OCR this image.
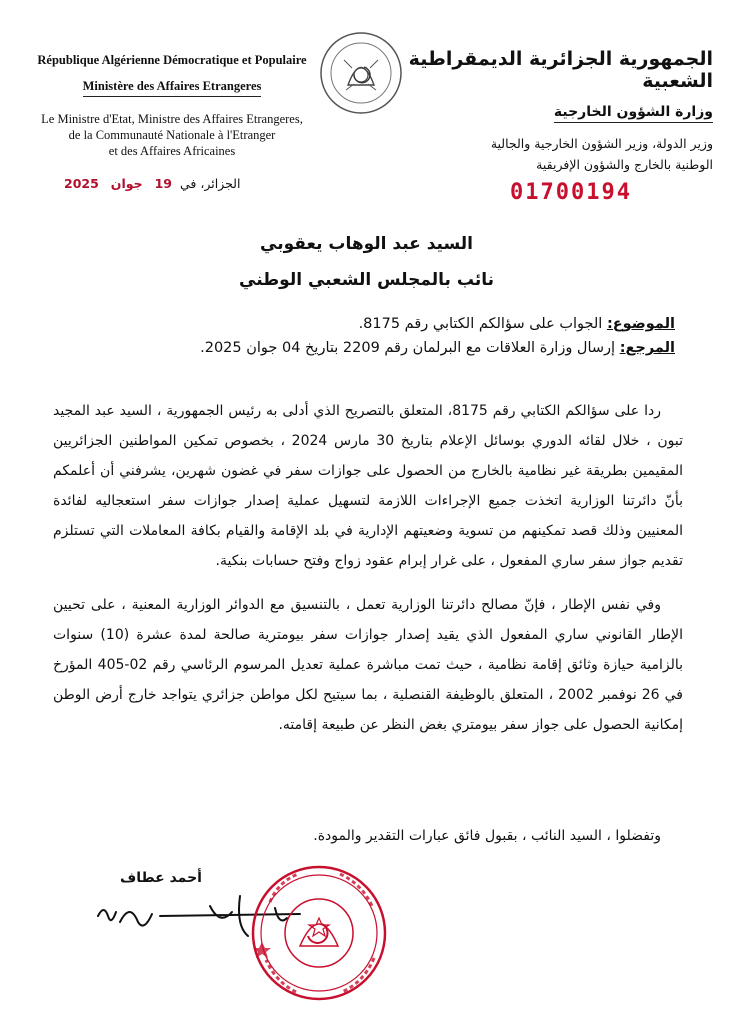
République Algérienne Démocratique et Populaire
Ministère des Affaires Etrangeres
Le Ministre d'Etat, Ministre des Affaires Etrangeres,
de la Communauté Nationale à l'Etranger
et des Affaires Africaines
الجمهورية الجزائرية الديمقراطية الشعبية
وزارة الشؤون الخارجية
وزير الدولة، وزير الشؤون الخارجية والجالية
الوطنية بالخارج والشؤون الإفريقية
الجزائر، في 19 جوان 2025	01700194
السيد عبد الوهاب يعقوبي
نائب بالمجلس الشعبي الوطني
الموضوع: الجواب على سؤالكم الكتابي رقم 8175.
المرجع: إرسال وزارة العلاقات مع البرلمان رقم 2209 بتاريخ 04 جوان 2025.

ردا على سؤالكم الكتابي رقم 8175، المتعلق بالتصريح الذي أدلى به رئيس الجمهورية ، السيد عبد المجيد تبون ، خلال لقائه الدوري بوسائل الإعلام بتاريخ 30 مارس 2024 ، بخصوص تمكين المواطنين الجزائريين المقيمين بطريقة غير نظامية بالخارج من الحصول على جوازات سفر في غضون شهرين، يشرفني أن أعلمكم بأنّ دائرتنا الوزارية اتخذت جميع الإجراءات اللازمة لتسهيل عملية إصدار جوازات سفر استعجاليه لفائدة المعنيين وذلك قصد تمكينهم من تسوية وضعيتهم الإدارية في بلد الإقامة والقيام بكافة المعاملات التي تستلزم تقديم جواز سفر ساري المفعول ، على غرار إبرام عقود زواج وفتح حسابات بنكية.

وفي نفس الإطار ، فإنّ مصالح دائرتنا الوزارية تعمل ، بالتنسيق مع الدوائر الوزارية المعنية ، على تحيين الإطار القانوني ساري المفعول الذي يقيد إصدار جوازات سفر بيومترية صالحة لمدة عشرة (10) سنوات بالزامية حيازة وثائق إقامة نظامية ، حيث تمت مباشرة عملية تعديل المرسوم الرئاسي رقم 02-405 المؤرخ في 26 نوفمبر 2002 ، المتعلق بالوظيفة القنصلية ، بما سيتيح لكل مواطن جزائري يتواجد خارج أرض الوطن إمكانية الحصول على جواز سفر بيومتري بغض النظر عن طبيعة إقامته.

وتفضلوا ، السيد النائب ، بقبول فائق عبارات التقدير والمودة.
أحمد عطاف
